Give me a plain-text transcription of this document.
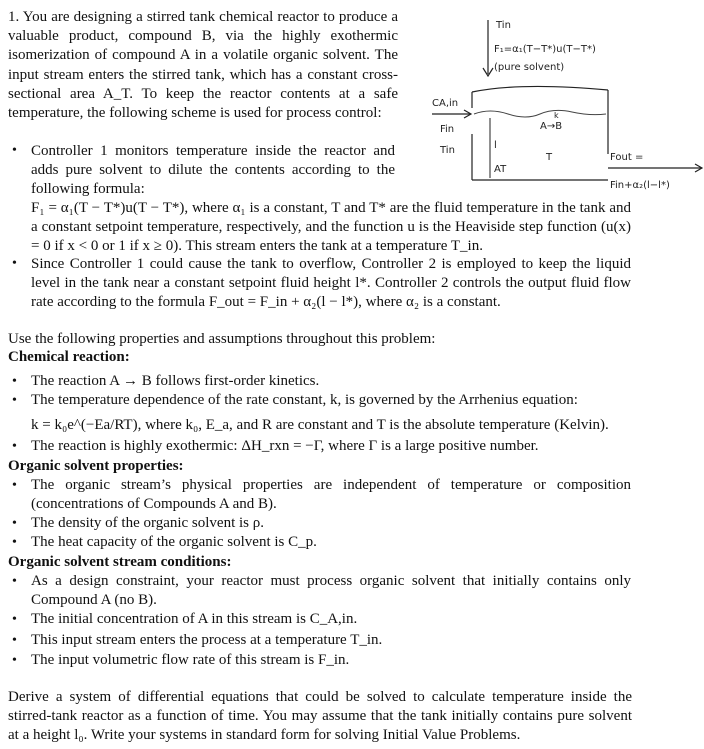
1. You are designing a stirred tank chemical reactor to produce a valuable product, compound B, via the highly exothermic isomerization of compound A in a volatile organic solvent. The input stream enters the stirred tank, which has a constant cross-sectional area A_T. To keep the reactor contents at a safe temperature, the following scheme is used for process control:
• Controller 1 monitors temperature inside the reactor and adds pure solvent to dilute the contents according to the following formula:
F₁ = α₁(T − T*)u(T − T*), where α₁ is a constant, T and T* are the fluid temperature in the tank and a constant setpoint temperature, respectively, and the function u is the Heaviside step function (u(x) = 0 if x < 0 or 1 if x ≥ 0). This stream enters the tank at a temperature T_in.
• Since Controller 1 could cause the tank to overflow, Controller 2 is employed to keep the liquid level in the tank near a constant setpoint fluid height l*. Controller 2 controls the output fluid flow rate according to the formula F_out = F_in + α₂(l − l*), where α₂ is a constant.
Use the following properties and assumptions throughout this problem:
Chemical reaction:
• The reaction A → B follows first-order kinetics.
• The temperature dependence of the rate constant, k, is governed by the Arrhenius equation:
k = k₀e^(−Ea/RT), where k₀, E_a, and R are constant and T is the absolute temperature (Kelvin).
• The reaction is highly exothermic: ΔH_rxn = −Γ, where Γ is a large positive number.
Organic solvent properties:
• The organic stream’s physical properties are independent of temperature or composition (concentrations of Compounds A and B).
• The density of the organic solvent is ρ.
• The heat capacity of the organic solvent is C_p.
Organic solvent stream conditions:
• As a design constraint, your reactor must process organic solvent that initially contains only Compound A (no B).
• The initial concentration of A in this stream is C_A,in.
• This input stream enters the process at a temperature T_in.
• The input volumetric flow rate of this stream is F_in.
Derive a system of differential equations that could be solved to calculate temperature inside the stirred-tank reactor as a function of time. You may assume that the tank initially contains pure solvent at a height l₀. Write your systems in standard form for solving Initial Value Problems.
Tin
F₁=α₁(T−T*)u(T−T*)
(pure solvent)
CA,in
Fin
Tin
A→B
k
l
AT
T	Fout =
Fin+α₂(l−l*)
